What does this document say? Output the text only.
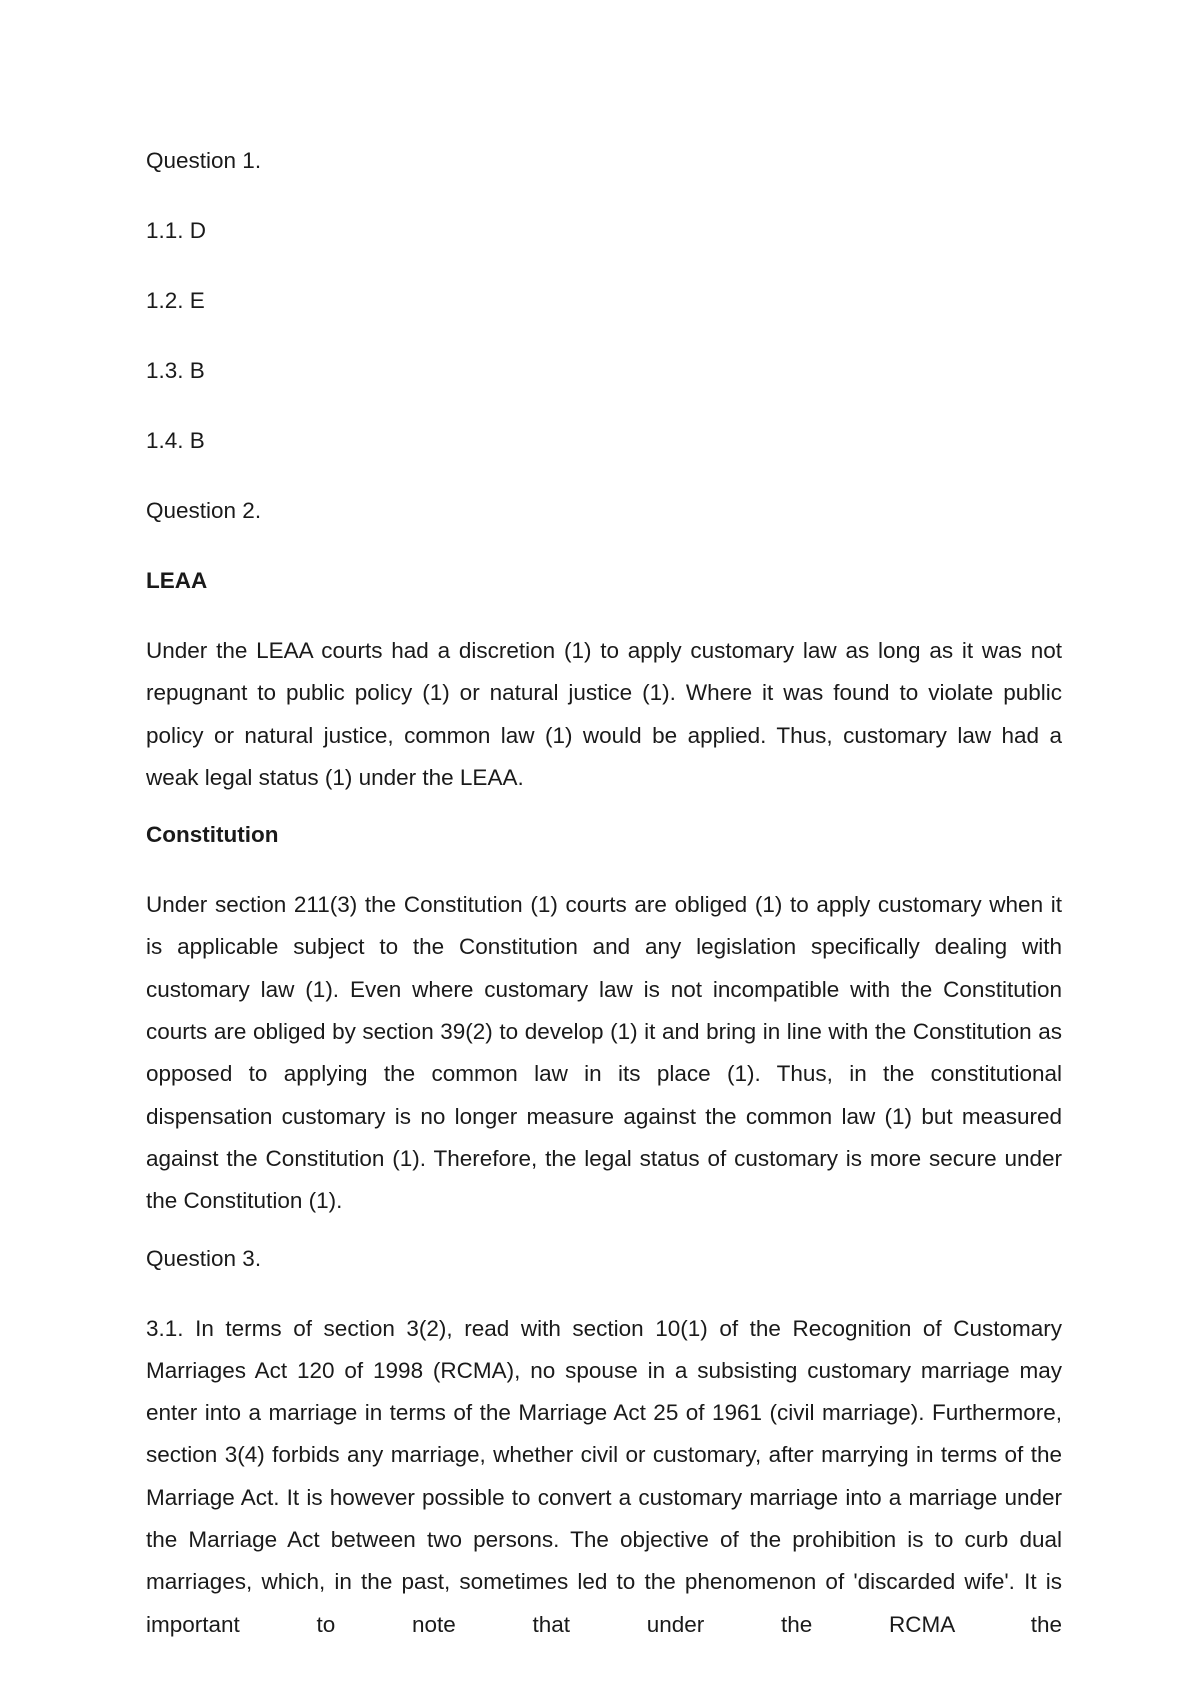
Question 1.
1.1. D
1.2. E
1.3. B
1.4. B
Question 2.
LEAA

Under the LEAA courts had a discretion (1) to apply customary law as long as it was not repugnant to public policy (1) or natural justice (1). Where it was found to violate public policy or natural justice, common law (1) would be applied. Thus, customary law had a weak legal status (1) under the LEAA.

Constitution

Under section 211(3) the Constitution (1) courts are obliged (1) to apply customary when it is applicable subject to the Constitution and any legislation specifically dealing with customary law (1). Even where customary law is not incompatible with the Constitution courts are obliged by section 39(2) to develop (1) it and bring in line with the Constitution as opposed to applying the common law in its place (1). Thus, in the constitutional dispensation customary is no longer measure against the common law (1) but measured against the Constitution (1). Therefore, the legal status of customary is more secure under the Constitution (1).

Question 3.

3.1. In terms of section 3(2), read with section 10(1) of the Recognition of Customary Marriages Act 120 of 1998 (RCMA), no spouse in a subsisting customary marriage may enter into a marriage in terms of the Marriage Act 25 of 1961 (civil marriage). Furthermore, section 3(4) forbids any marriage, whether civil or customary, after marrying in terms of the Marriage Act. It is however possible to convert a customary marriage into a marriage under the Marriage Act between two persons. The objective of the prohibition is to curb dual marriages, which, in the past, sometimes led to the phenomenon of 'discarded wife'. It is important to note that under the RCMA the
